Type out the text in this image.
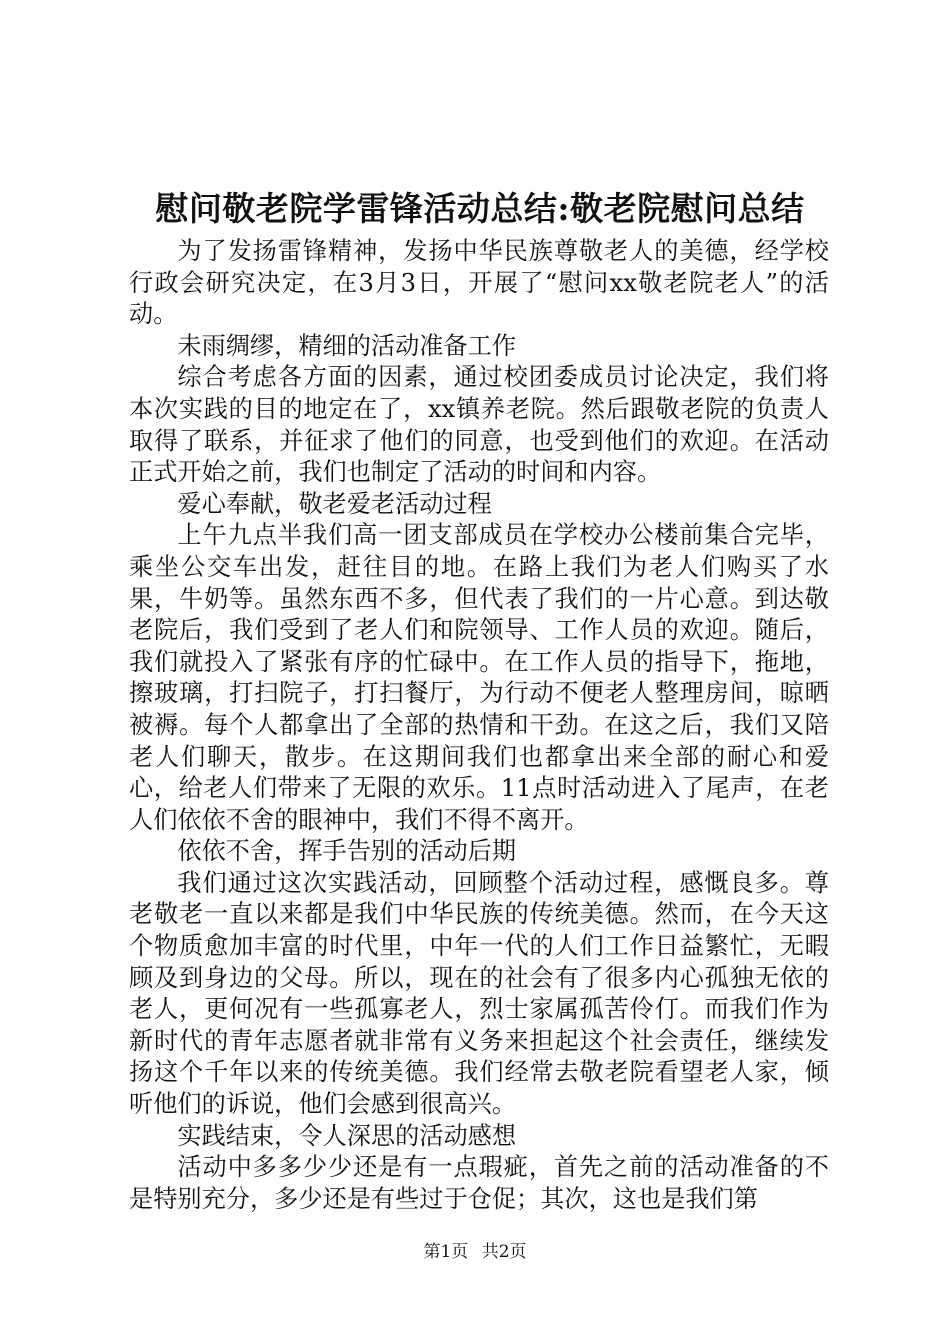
慰问敬老院学雷锋活动总结:敬老院慰问总结

为了发扬雷锋精神，发扬中华民族尊敬老人的美德，经学校行政会研究决定，在3月3日，开展了“慰问xx敬老院老人”的活动。

未雨绸缪，精细的活动准备工作

综合考虑各方面的因素，通过校团委成员讨论决定，我们将本次实践的目的地定在了，xx镇养老院。然后跟敬老院的负责人取得了联系，并征求了他们的同意，也受到他们的欢迎。在活动正式开始之前，我们也制定了活动的时间和内容。

爱心奉献，敬老爱老活动过程

上午九点半我们高一团支部成员在学校办公楼前集合完毕，乘坐公交车出发，赶往目的地。在路上我们为老人们购买了水果，牛奶等。虽然东西不多，但代表了我们的一片心意。到达敬老院后，我们受到了老人们和院领导、工作人员的欢迎。随后，我们就投入了紧张有序的忙碌中。在工作人员的指导下，拖地，擦玻璃，打扫院子，打扫餐厅，为行动不便老人整理房间，晾晒被褥。每个人都拿出了全部的热情和干劲。在这之后，我们又陪老人们聊天，散步。在这期间我们也都拿出来全部的耐心和爱心，给老人们带来了无限的欢乐。11点时活动进入了尾声，在老人们依依不舍的眼神中，我们不得不离开。

依依不舍，挥手告别的活动后期

我们通过这次实践活动，回顾整个活动过程，感慨良多。尊老敬老一直以来都是我们中华民族的传统美德。然而，在今天这个物质愈加丰富的时代里，中年一代的人们工作日益繁忙，无暇顾及到身边的父母。所以，现在的社会有了很多内心孤独无依的老人，更何况有一些孤寡老人，烈士家属孤苦伶仃。而我们作为新时代的青年志愿者就非常有义务来担起这个社会责任，继续发扬这个千年以来的传统美德。我们经常去敬老院看望老人家，倾听他们的诉说，他们会感到很高兴。

实践结束，令人深思的活动感想

活动中多多少少还是有一点瑕疵，首先之前的活动准备的不是特别充分，多少还是有些过于仓促；其次，这也是我们第

第1页 共2页
